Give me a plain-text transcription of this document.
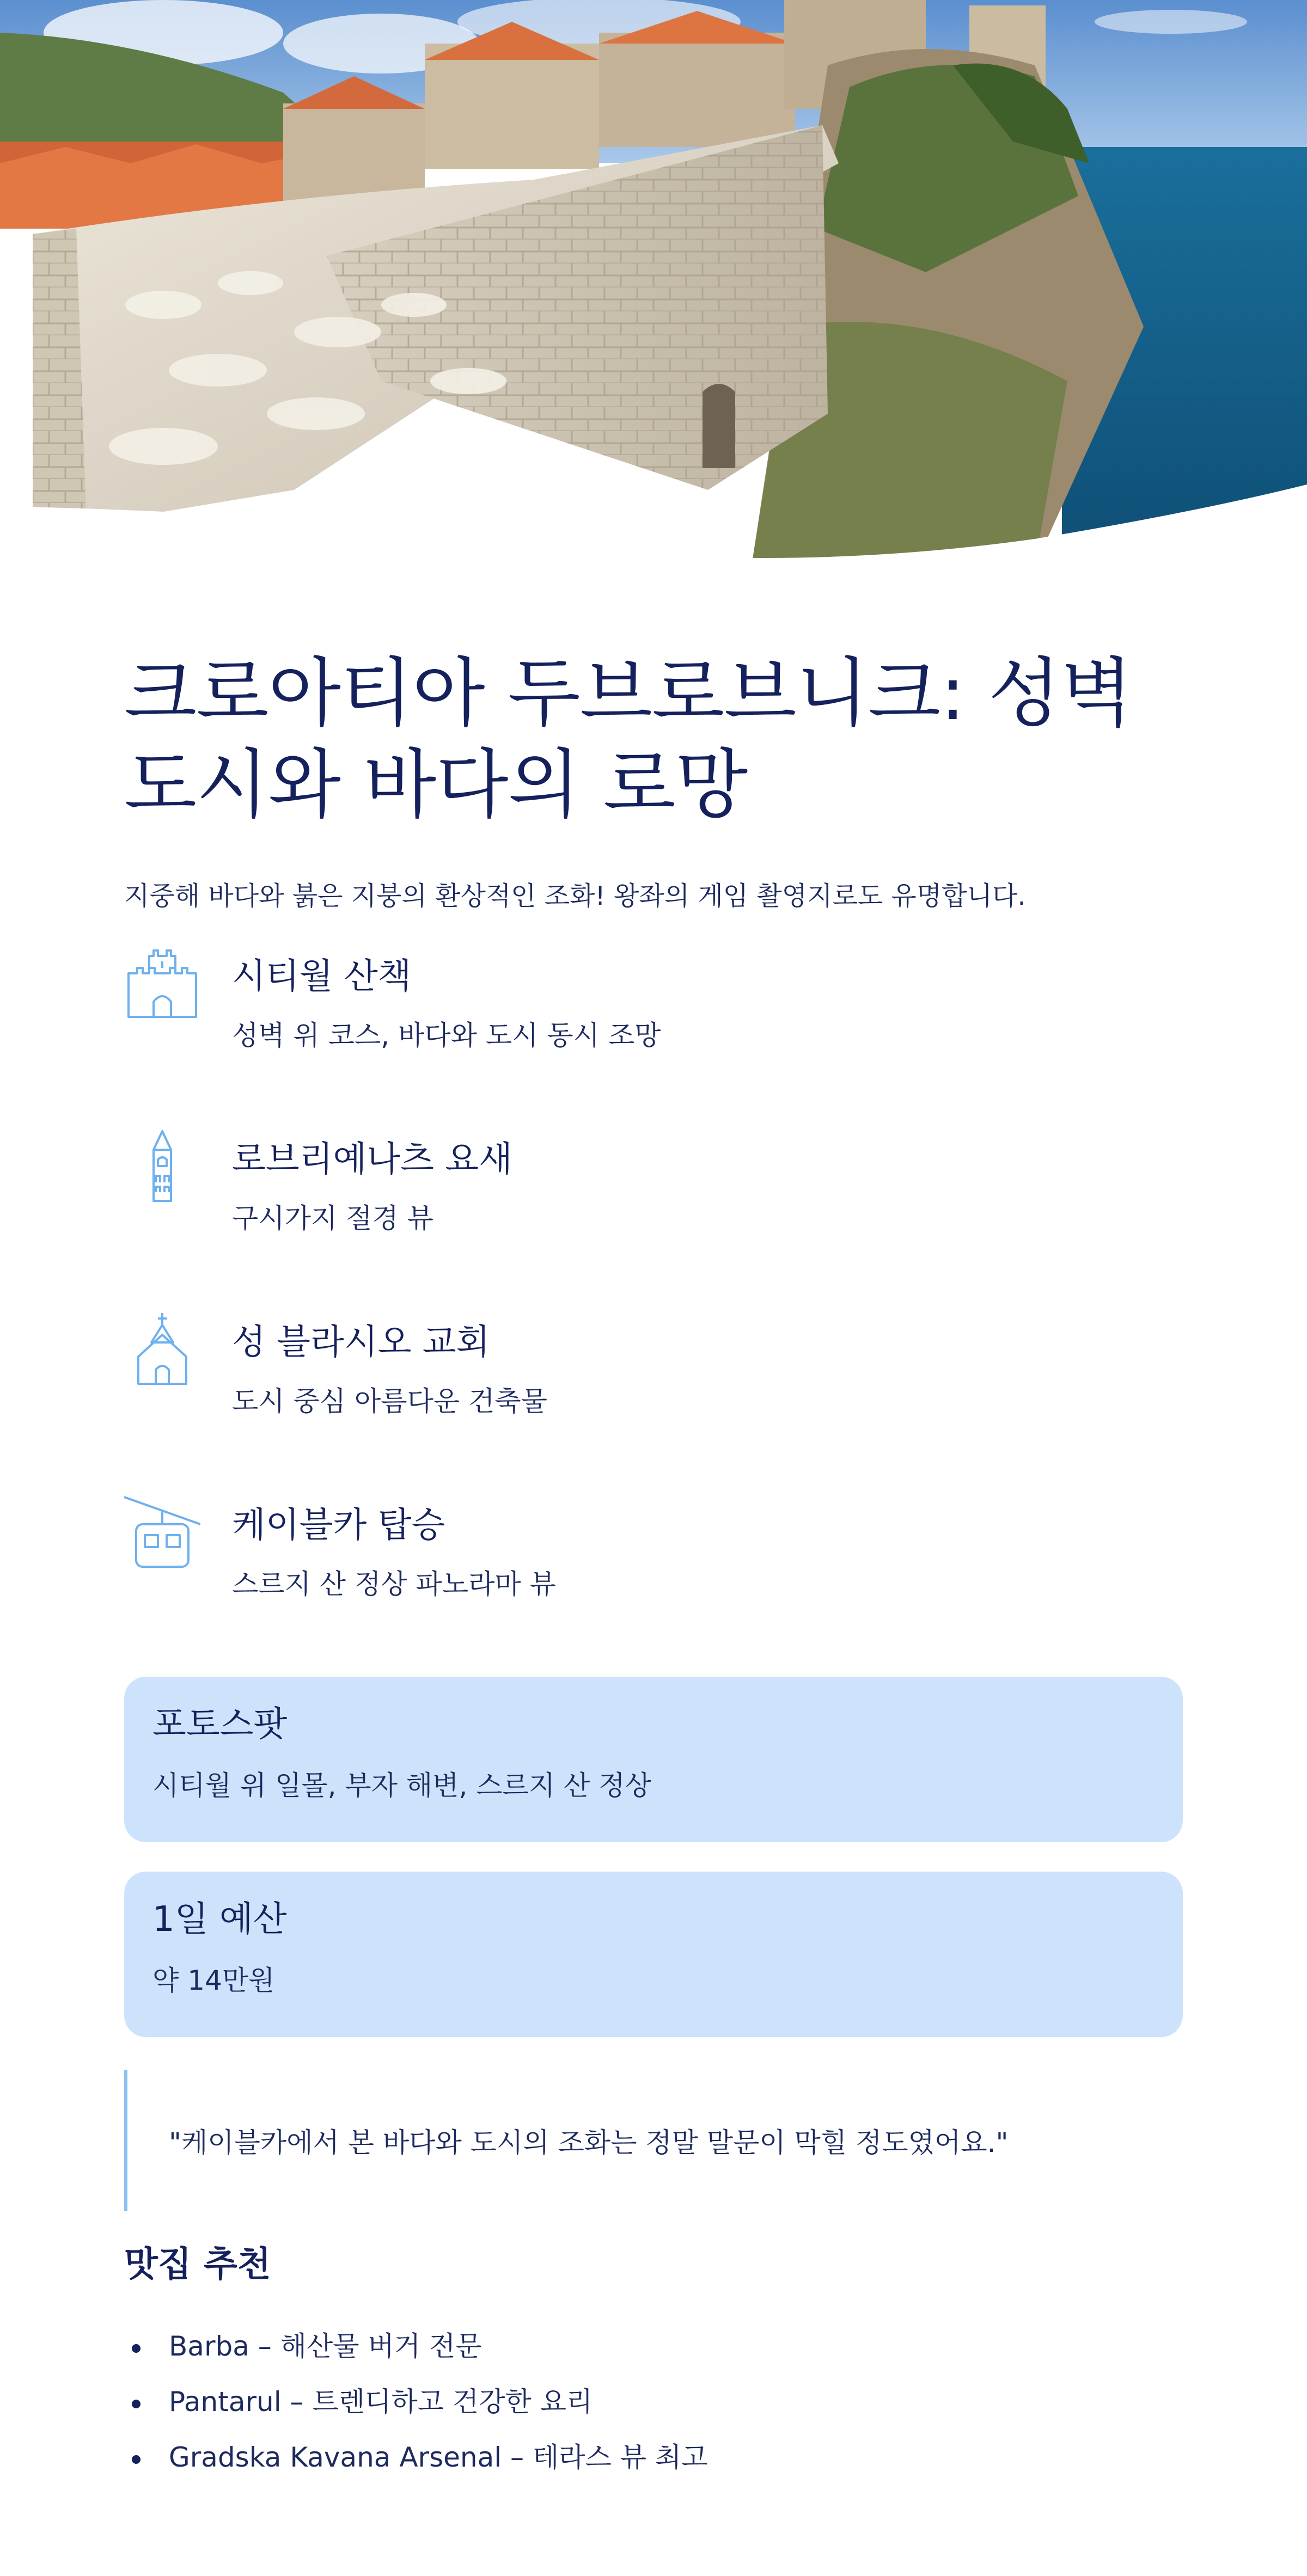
크로아티아 두브로브니크: 성벽 도시와 바다의 로망

지중해 바다와 붉은 지붕의 환상적인 조화! 왕좌의 게임 촬영지로도 유명합니다.

시티월 산책
성벽 위 코스, 바다와 도시 동시 조망
로브리예나츠 요새
구시가지 절경 뷰
성 블라시오 교회
도시 중심 아름다운 건축물
케이블카 탑승
스르지 산 정상 파노라마 뷰
포토스팟
시티월 위 일몰, 부자 해변, 스르지 산 정상
1일 예산
약 14만원
"케이블카에서 본 바다와 도시의 조화는 정말 말문이 막힐 정도였어요."
맛집 추천
Barba – 해산물 버거 전문
Pantarul – 트렌디하고 건강한 요리
Gradska Kavana Arsenal – 테라스 뷰 최고
